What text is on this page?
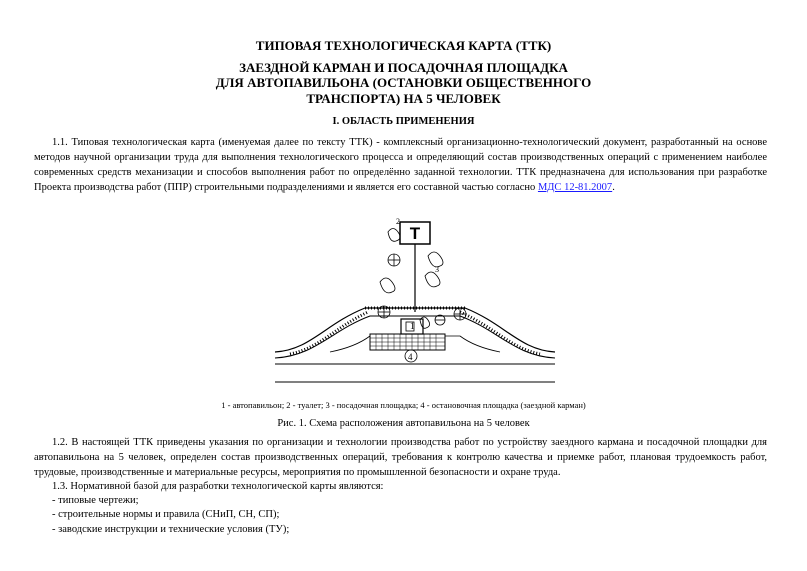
ТИПОВАЯ ТЕХНОЛОГИЧЕСКАЯ КАРТА (ТТК)
ЗАЕЗДНОЙ КАРМАН И ПОСАДОЧНАЯ ПЛОЩАДКА
ДЛЯ АВТОПАВИЛЬОНА (ОСТАНОВКИ ОБЩЕСТВЕННОГО
ТРАНСПОРТА) НА 5 ЧЕЛОВЕК
I. ОБЛАСТЬ ПРИМЕНЕНИЯ
1.1. Типовая технологическая карта (именуемая далее по тексту ТТК) - комплексный организационно-технологический документ, разработанный на основе методов научной организации труда для выполнения технологического процесса и определяющий состав производственных операций с применением наиболее современных средств механизации и способов выполнения работ по определённо заданной технологии. ТТК предназначена для использования при разработке Проекта производства работ (ППР) строительными подразделениями и является его составной частью согласно МДС 12-81.2007.
Т
1
2
3
4
1 - автопавильон; 2 - туалет; 3 - посадочная площадка; 4 - остановочная площадка (заездной карман)
Рис. 1. Схема расположения автопавильона на 5 человек
1.2. В настоящей ТТК приведены указания по организации и технологии производства работ по устройству заездного кармана и посадочной площадки для автопавильона на 5 человек, определен состав производственных операций, требования к контролю качества и приемке работ, плановая трудоемкость работ, трудовые, производственные и материальные ресурсы, мероприятия по промышленной безопасности и охране труда.
1.3. Нормативной базой для разработки технологической карты являются:
- типовые чертежи;
- строительные нормы и правила (СНиП, СН, СП);
- заводские инструкции и технические условия (ТУ);
